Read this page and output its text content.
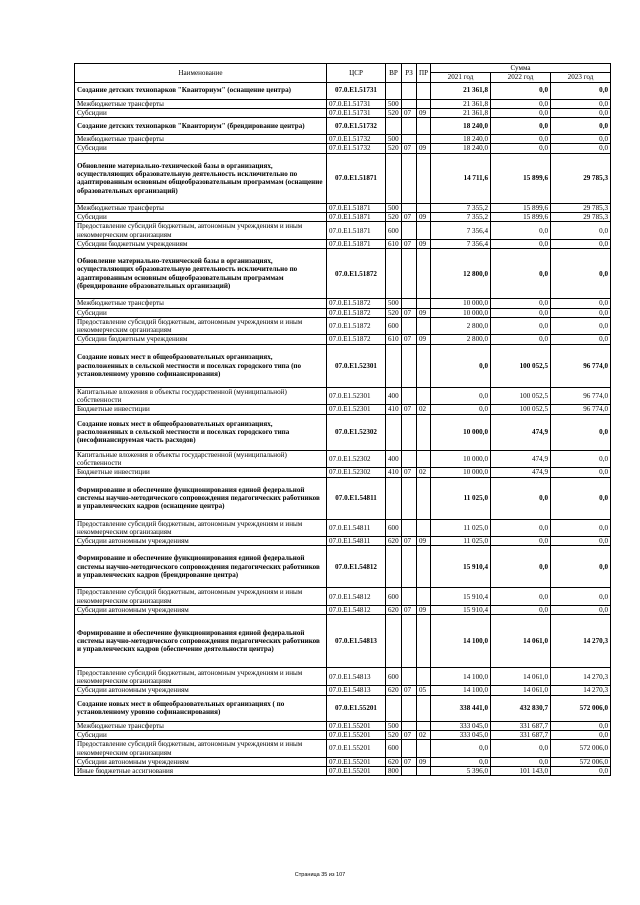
Наименование	ЦСР	ВР	РЗ	ПР	Сумма		
					2021 год	2022 год	2023 год
Создание детских технопарков "Кванториум" (оснащение центра)	07.0.E1.51731				21 361,8	0,0	0,0
Межбюджетные трансферты	07.0.E1.51731	500			21 361,8	0,0	0,0
Субсидии	07.0.E1.51731	520	07	09	21 361,8	0,0	0,0
Создание детских технопарков "Кванториум" (брендирование центра)	07.0.E1.51732				18 240,0	0,0	0,0
Межбюджетные трансферты	07.0.E1.51732	500			18 240,0	0,0	0,0
Субсидии	07.0.E1.51732	520	07	09	18 240,0	0,0	0,0
Обновление материально-технической базы в организациях, осуществляющих образовательную деятельность исключительно по адаптированным основным общеобразовательным программам (оснащение образовательных организаций)	07.0.E1.51871				14 711,6	15 899,6	29 785,3
Межбюджетные трансферты	07.0.E1.51871	500			7 355,2	15 899,6	29 785,3
Субсидии	07.0.E1.51871	520	07	09	7 355,2	15 899,6	29 785,3
Предоставление субсидий бюджетным, автономным учреждениям и иным некоммерческим организациям	07.0.E1.51871	600			7 356,4	0,0	0,0
Субсидии бюджетным учреждениям	07.0.E1.51871	610	07	09	7 356,4	0,0	0,0
Обновление материально-технической базы в организациях, осуществляющих образовательную деятельность исключительно по адаптированным основным общеобразовательным программам (брендирование образовательных организаций)	07.0.E1.51872				12 800,0	0,0	0,0
Межбюджетные трансферты	07.0.E1.51872	500			10 000,0	0,0	0,0
Субсидии	07.0.E1.51872	520	07	09	10 000,0	0,0	0,0
Предоставление субсидий бюджетным, автономным учреждениям и иным некоммерческим организациям	07.0.E1.51872	600			2 800,0	0,0	0,0
Субсидии бюджетным учреждениям	07.0.E1.51872	610	07	09	2 800,0	0,0	0,0
Создание новых мест в общеобразовательных организациях, расположенных в сельской местности и поселках городского типа (по установленному уровню софинансирования)	07.0.E1.52301				0,0	100 052,5	96 774,0
Капитальные вложения в объекты государственной (муниципальной) собственности	07.0.E1.52301	400			0,0	100 052,5	96 774,0
Бюджетные инвестиции	07.0.E1.52301	410	07	02	0,0	100 052,5	96 774,0
Создание новых мест в общеобразовательных организациях, расположенных в сельской местности и поселках городского типа (несофинансируемая часть расходов)	07.0.E1.52302				10 000,0	474,9	0,0
Капитальные вложения в объекты государственной (муниципальной) собственности	07.0.E1.52302	400			10 000,0	474,9	0,0
Бюджетные инвестиции	07.0.E1.52302	410	07	02	10 000,0	474,9	0,0
Формирование и обеспечение функционирования единой федеральной системы научно-методического сопровождения педагогических работников и управленческих кадров (оснащение центра)	07.0.E1.54811				11 025,0	0,0	0,0
Предоставление субсидий бюджетным, автономным учреждениям и иным некоммерческим организациям	07.0.E1.54811	600			11 025,0	0,0	0,0
Субсидии автономным учреждениям	07.0.E1.54811	620	07	09	11 025,0	0,0	0,0
Формирование и обеспечение функционирования единой федеральной системы научно-методического сопровождения педагогических работников и управленческих кадров (брендирование центра)	07.0.E1.54812				15 910,4	0,0	0,0
Предоставление субсидий бюджетным, автономным учреждениям и иным некоммерческим организациям	07.0.E1.54812	600			15 910,4	0,0	0,0
Субсидии автономным учреждениям	07.0.E1.54812	620	07	09	15 910,4	0,0	0,0
Формирование и обеспечение функционирования единой федеральной системы научно-методического сопровождения педагогических работников и управленческих кадров (обеспечение деятельности центра)	07.0.E1.54813				14 100,0	14 061,0	14 270,3
Предоставление субсидий бюджетным, автономным учреждениям и иным некоммерческим организациям	07.0.E1.54813	600			14 100,0	14 061,0	14 270,3
Субсидии автономным учреждениям	07.0.E1.54813	620	07	05	14 100,0	14 061,0	14 270,3
Создание новых мест в общеобразовательных организациях ( по установленному уровню софинансирования)	07.0.E1.55201				338 441,0	432 830,7	572 006,0
Межбюджетные трансферты	07.0.E1.55201	500			333 045,0	331 687,7	0,0
Субсидии	07.0.E1.55201	520	07	02	333 045,0	331 687,7	0,0
Предоставление субсидий бюджетным, автономным учреждениям и иным некоммерческим организациям	07.0.E1.55201	600			0,0	0,0	572 006,0
Субсидии автономным учреждениям	07.0.E1.55201	620	07	09	0,0	0,0	572 006,0
Иные бюджетные ассигнования	07.0.E1.55201	800			5 396,0	101 143,0	0,0
Страница 35 из 107
